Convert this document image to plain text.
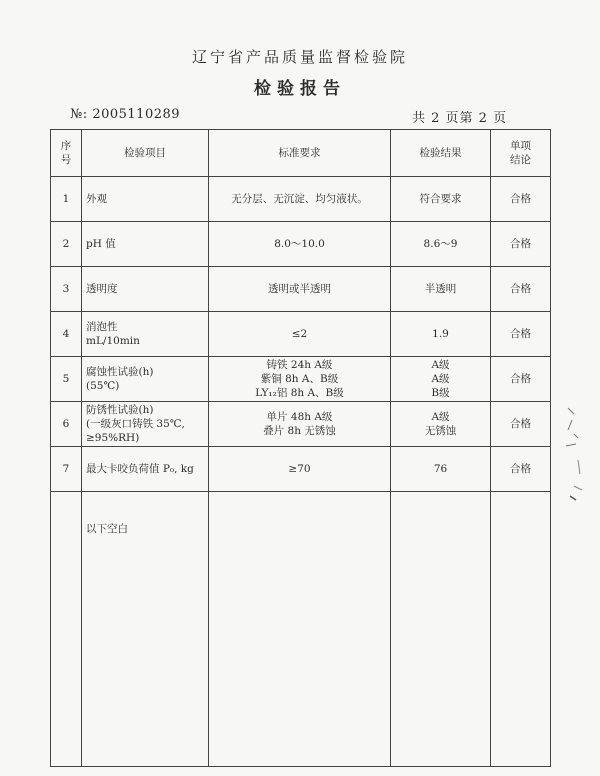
辽宁省产品质量监督检验院
检验报告
№: 2005110289	共 2 页第 2 页
序
号	检验项目	标准要求	检验结果	单项
结论
1	外观	无分层、无沉淀、均匀液状。	符合要求	合格
2	pH 值	8.0～10.0	8.6～9	合格
3	透明度	透明或半透明	半透明	合格
4	消泡性
mL/10min	≤2	1.9	合格
5	腐蚀性试验(h)
(55℃)	铸铁 24h A级
紫铜 8h A、B级
LY₁₂铝 8h A、B级	A级
A级
B级	合格
6	防锈性试验(h)
(一级灰口铸铁 35℃,
≥95%RH)	单片 48h A级
叠片 8h 无锈蚀	A级
无锈蚀	合格
7	最大卡咬负荷值 P₀, kg	≥70	76	合格
	以下空白			
